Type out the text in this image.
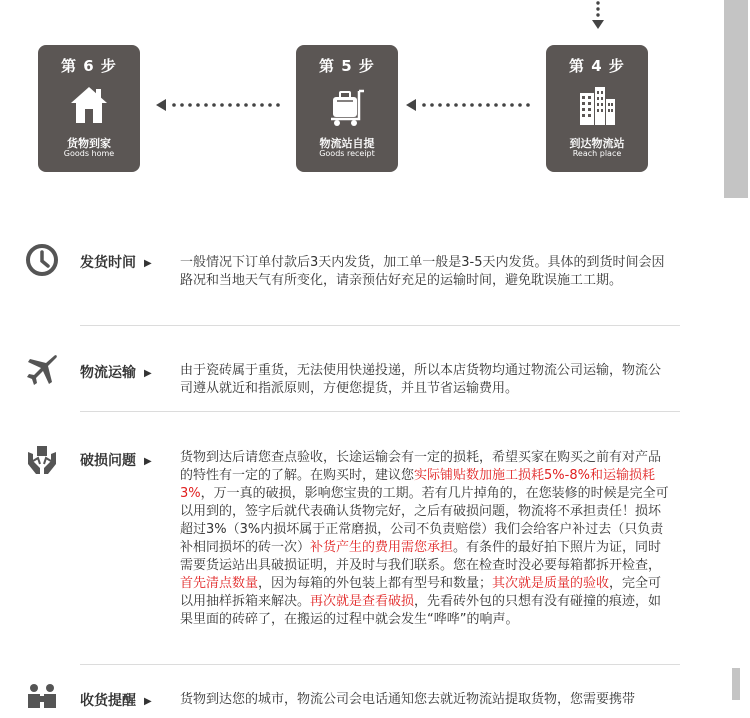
第 6 步
货物到家
Goods home
第 5 步
物流站自提
Goods receipt
第 4 步
到达物流站
Reach place
发货时间 ▶ 一般情况下订单付款后3天内发货，加工单一般是3-5天内发货。具体的到货时间会因路况和当地天气有所变化，请亲预估好充足的运输时间，避免耽误施工工期。
物流运输 ▶ 由于瓷砖属于重货，无法使用快递投递，所以本店货物均通过物流公司运输，物流公司遵从就近和指派原则，方便您提货，并且节省运输费用。
破损问题 ▶ 货物到达后请您查点验收，长途运输会有一定的损耗，希望买家在购买之前有对产品的特性有一定的了解。在购买时，建议您实际铺贴数加施工损耗5%-8%和运输损耗3%，万一真的破损，影响您宝贵的工期。若有几片掉角的，在您装修的时候是完全可以用到的，签字后就代表确认货物完好，之后有破损问题，物流将不承担责任！损坏超过3%（3%内损坏属于正常磨损，公司不负责赔偿）我们会给客户补过去（只负责补相同损坏的砖一次）补货产生的费用需您承担。有条件的最好拍下照片为证，同时需要货运站出具破损证明，并及时与我们联系。您在检查时没必要每箱都拆开检查，首先清点数量，因为每箱的外包装上都有型号和数量；其次就是质量的验收，完全可以用抽样拆箱来解决。再次就是查看破损，先看砖外包的只想有没有碰撞的痕迹，如果里面的砖碎了，在搬运的过程中就会发生“哗哗”的响声。
收货提醒 ▶ 货物到达您的城市，物流公司会电话通知您去就近物流站提取货物，您需要携带
